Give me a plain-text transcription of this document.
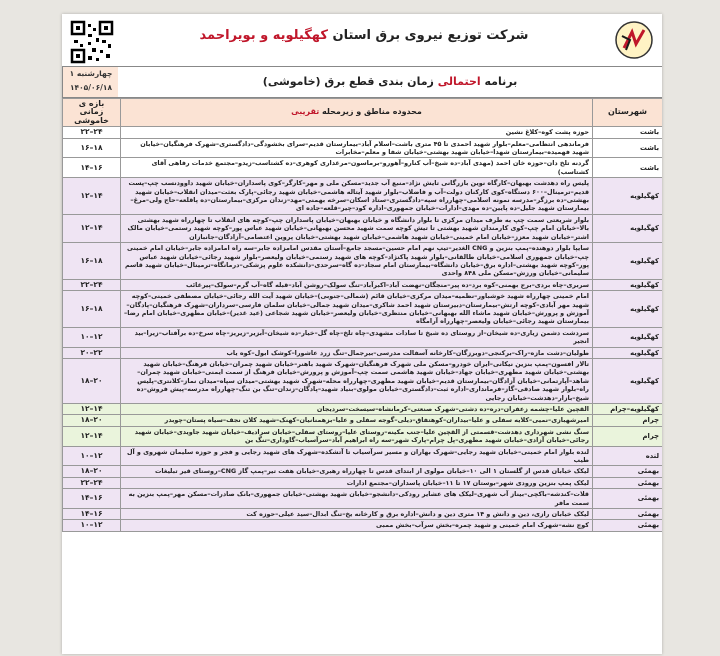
شرکت توزیع نیروی برق استان کهگیلویه و بویراحمد
چهارشنبه ۱
۱۴۰۵/۰۶/۱۸	برنامه احتمالی زمان بندی قطع برق (خاموشی)
شهرستان	محدوده مناطق و زیرمحله تقریبی	بازه ی زمانی خاموشی
باشت	حوزه پشت کوه–کلاغ نشین	۲۲–۲۴
باشت	فرماندهی انتظامی–معلم–بلوار شهید احمدی تا ۴۵ متری باشت–اسلام آباد–بیمارستان قدیم–سرای بخشودگی–دادگستری–شهرک فرهنگیان–خیابان شهید فهمیده–بیمارستان شهدا–خیابان شهید بهشتی–خیابان شفا و معلم–مخابرات	۱۶–۱۸
باشت	گردنه تلخ دان–حوزه خان احمد (مهدی آباد–ده شیخ–آب کنارو–آهورو–برماسون–مرغداری کوهری–ده کشتاسب–زیدو–مجتمع خدمات رفاهی آقای کشتاسب)	۱۴–۱۶
کهگیلویه	پلیس راه دهدشت بهبهان–کارگاه نوین بازرگانی تایش نژاد–منبع آب جدید–مسکن ملی و مهر–کارگر–کوی پاسداران–خیابان شهید داوودنسب چپ–پست قدیم–ترمینال–۶۰۰ دستگاه–کوی کارکنان دولت–آب و فاضلاب–بلوار شهید آیتاله هاشمی–خیابان شهید رجائی–پارک بعثت–میدان انقلاب–خیابان شهید بهشتی–ده برزگر–مدرسه نمونه اسلامی–چهارراه سپه–دادگستری–ستاد اسکان–سرخه بهمنی–مهد–زندان مرکزی–بیمارستان–ده پاقلعه–حاج ولی–مرغ–بیمارستان شهید جلیل–ده پایین–ده مهدی–ادارات–خیابان جمهوری–اداره کود–چیر–قلعه–جاده ای	۱۲–۱۴
کهگیلویه	بلوار شریعتی سمت چپ به طرف میدان مرکزی تا بلوار دانشگاه و خیابان بهبهان–خیابان پاسداران چپ–کوچه های انقلاب تا چهارراه شهید بهشتی بالا–خیابان امام چپ–کوی کارمندان شهید بهشتی تا تیش کوچه سمت شهید محسن بهبهانی–خیابان شهید عباس پور–کوچه شهید رستمی–خیابان مالک اشتر–خیابان شهید معزز–خیابان امام خمینی–خیابان شهید هاشمی–خیابان شهید بهشتی–خیابان پروین اعتصامی–آزادگان–جانبازان	۱۲–۱۴
کهگیلویه	سایپا بلوار دوهنده–پمپ بنزین و CNG الغدیر–تیپ نهم امام حسین–مسجد جامع–آستان مقدس امامزاده جابر–سه راه امامزاده جابر–خیابان امام خمینی چپ–خیابان جمهوری اسلامی–خیابان طالقانی–بلوار شهید پاکنژاد–کوچه های شهید رستمی–خیابان ولیعصر–بلوار شهید رجائی–خیابان شهید عباس پور–کوچه شهید بهشتی–اداره برق–خیابان دانشگاه–بیمارستان امام سجاد–ده گاه–سرحدی–دانشکده علوم پزشکی–درمانگاه–ترمینال–خیابان شهید قاسم سلیمانی–خیابان ورزش–مسکن ملی ۸۴۸ واحدی	۱۶–۱۸
کهگیلویه	سربری–چاه بردی–برج بهمنی–کوه برد–ده پیر–منجگان–نهضت آباد–اکبرآباد–تنگ سولک–روشن آباد–قبله گاه–آب گرم–سولک–پیرغائب	۲۲–۲۴
کهگیلویه	امام خمینی چهارراه شهید خوشباور–نظمیه–میدان مرکزی–خیابان قائم (شمالی–جنوبی)–خیابان شهید آیت الله رجائی–خیابان مصطفی خمینی–کوچه شهید مهر آبادی–کوچه ارتش–بیمارستان–دبیرستان شهید احمد شاکری–میدان شهید جمالی–خیابان سلمان فارسی–سرداران–شهرک فرهنگیان–پادگان–آموزش و پرورش–خیابان شهید ماشاء الله بهبهانی–خیابان منتظری–خیابان ولیعصر–خیابان شهید شجاعی (عید غدیر)–خیابان مطهری–خیابان امام رضا–بیمارستان شهید رجائی–خیابان ولیعصر–چهارراه آرامگاه	۱۶–۱۸
کهگیلویه	سردشت دشمن زیاری–ده شیخان–از روستای ده شیخ تا سادات مشهدی–چاه تلخ–چاه گل–خیار–ده شیخان–آبزیر–زیریز–چاه سرخ–ده برآفتاب–زیرا–بید انجیر	۱۰–۱۲
کهگیلویه	طولیان–دشت مازه–راک–برکنجی–دوبرزگان–کارخانه آسفالت مدرسی–بیرجمال–تنگ زرد عاشورا–کوشک ابول–کوه یاب	۲۰–۲۲
کهگیلویه	تالار افسون–پمپ بنزین نیکانی–ایران خودرو–مسکن ملی شهرک فرهنگیان–شهرک شهید باهنر–خیابان شهید چمران–خیابان فرهنگ–خیابان شهید بهشتی–خیابان شهید مطهری–خیابان جهاد–خیابان شهید هاشمی سمت چپ–آموزش و پرورش–خیابان فرهنگ از سمت ایمنی–خیابان شهید چمران–شاهد–آپارتمانی–خیابان آزادگان–بیمارستان قدیم–خیابان شهید مطهری–چهارراه محله–شهرک شهید بهشتی–میدان سپاه–میدان نماز–کلانتری–پلیس راه–بلوار شهید صادقی–گاز–فرمانداری–اداره ثبت–دادگستری–خیابان مولوی–بنیاد شهید–پادگان–زندان–تنگ بن تنگ–چهارراه مدرسه–پیش فروش–ده شیخ–بازار–دهدشت–خیابان رجایی	۱۸–۲۰
کهگیلویه–چرام	القچین علیا–چشمه زعفران–دره–ده دشتی–شهرک صنعتی–کرمانشاه–سیسخت–سردیجان	۱۲–۱۴
چرام	امیرشهبازی–نمیی–کلایه سفلی و علیا–بیداران–کوهتفاق–دیلی–گوجه سفلی و علیا–بزهمنانیان–کهنک–شهید کلان نجف–سیاه پستان–چوبدر	۱۸–۲۰
چرام	سنگ نشی شهرداری دهدشت–قسمتی از القچین علیا–جنب مکینه–روستای علیا–روستای سفلی–خیابان سرادیف–خیابان شهید جاویدی–خیابان شهید رجائی–خیابان آزادی–خیابان شهید مطهری–پل چرام–پارک شهر–سه راه ابراهیم آباد–سرآسیاب–گاوداری–تنگ بن	۱۲–۱۴
لنده	لنده بلوار امام خمینی–خیابان شهید رجایی–شهرک بهاران و مسیر سرآسیاب تا آتشکده–شهرک های شهید رجایی و فجر و حوزه سلیمان شهروی و آل طیب	۱۰–۱۲
بهمئی	لیکک خیابان قدس از گلستان ۱ الی ۱۰–خیابان مولوی از ابتدای قدس تا چهارراه رهبری–خیابان هفت تیر–پمپ گاز CNG–روستای قیر تبلیغات	۱۸–۲۰
بهمئی	لیکک پمپ بنزین ورودی شهر–بوستان ۱۷ تا ۱۱–خیابان پاسداران–مجتمع ادارات	۲۲–۲۴
بهمئی	قلات–کندشه–باکچی–بیناز آب شهری–لیکک های عشایر رودکی–دانشجو–خیابان شهید بهشتی–خیابان جمهوری–بانک صادرات–مسکن مهر–پمپ بنزین به سمت مافر	۱۴–۱۶
بهمئی	لیکک خیابان رازی، دین و دانش و ۱۴ متری دین و دانش–اداره برق و کارخانه یخ–تنگ ابدال–سید عیلی–حوزه کت	۱۴–۱۶
بهمئی	کوچ نشه–شهرک امام خمینی و شهید چمره–بخش سرآب–بخش ممبی	۱۰–۱۲
